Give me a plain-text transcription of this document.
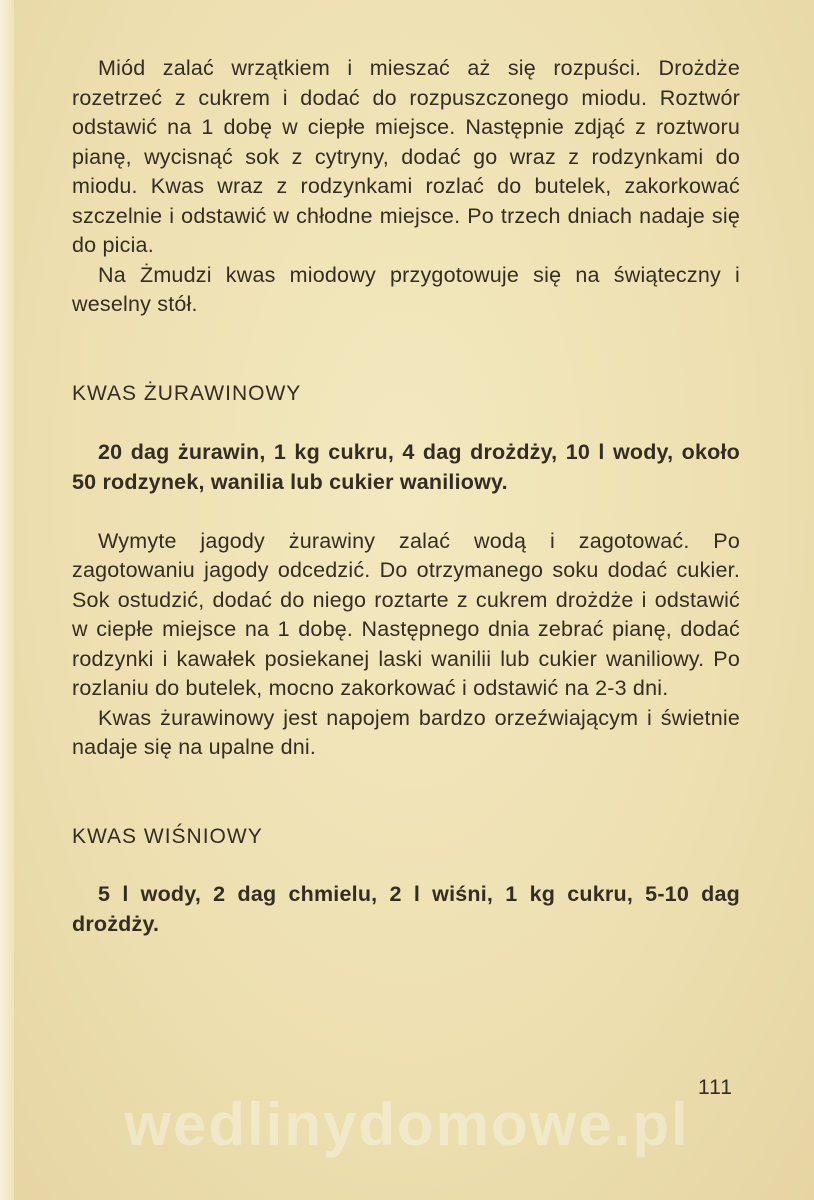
Miód zalać wrzątkiem i mieszać aż się rozpuści. Drożdże rozetrzeć z cukrem i dodać do rozpuszczonego miodu. Roztwór odstawić na 1 dobę w ciepłe miejsce. Następnie zdjąć z roztworu pianę, wycisnąć sok z cytryny, dodać go wraz z rodzynkami do miodu. Kwas wraz z rodzynkami rozlać do butelek, zakorkować szczelnie i odstawić w chłodne miejsce. Po trzech dniach nadaje się do picia.

Na Żmudzi kwas miodowy przygotowuje się na świąteczny i weselny stół.

KWAS ŻURAWINOWY

20 dag żurawin, 1 kg cukru, 4 dag drożdży, 10 l wody, około 50 rodzynek, wanilia lub cukier waniliowy.

Wymyte jagody żurawiny zalać wodą i zagotować. Po zagotowaniu jagody odcedzić. Do otrzymanego soku dodać cukier. Sok ostudzić, dodać do niego roztarte z cukrem drożdże i odstawić w ciepłe miejsce na 1 dobę. Następnego dnia zebrać pianę, dodać rodzynki i kawałek posiekanej laski wanilii lub cukier waniliowy. Po rozlaniu do butelek, mocno zakorkować i odstawić na 2-3 dni.

Kwas żurawinowy jest napojem bardzo orzeźwiającym i świetnie nadaje się na upalne dni.

KWAS WIŚNIOWY

5 l wody, 2 dag chmielu, 2 l wiśni, 1 kg cukru, 5-10 dag drożdży.

111
wedlinydomowe.pl
